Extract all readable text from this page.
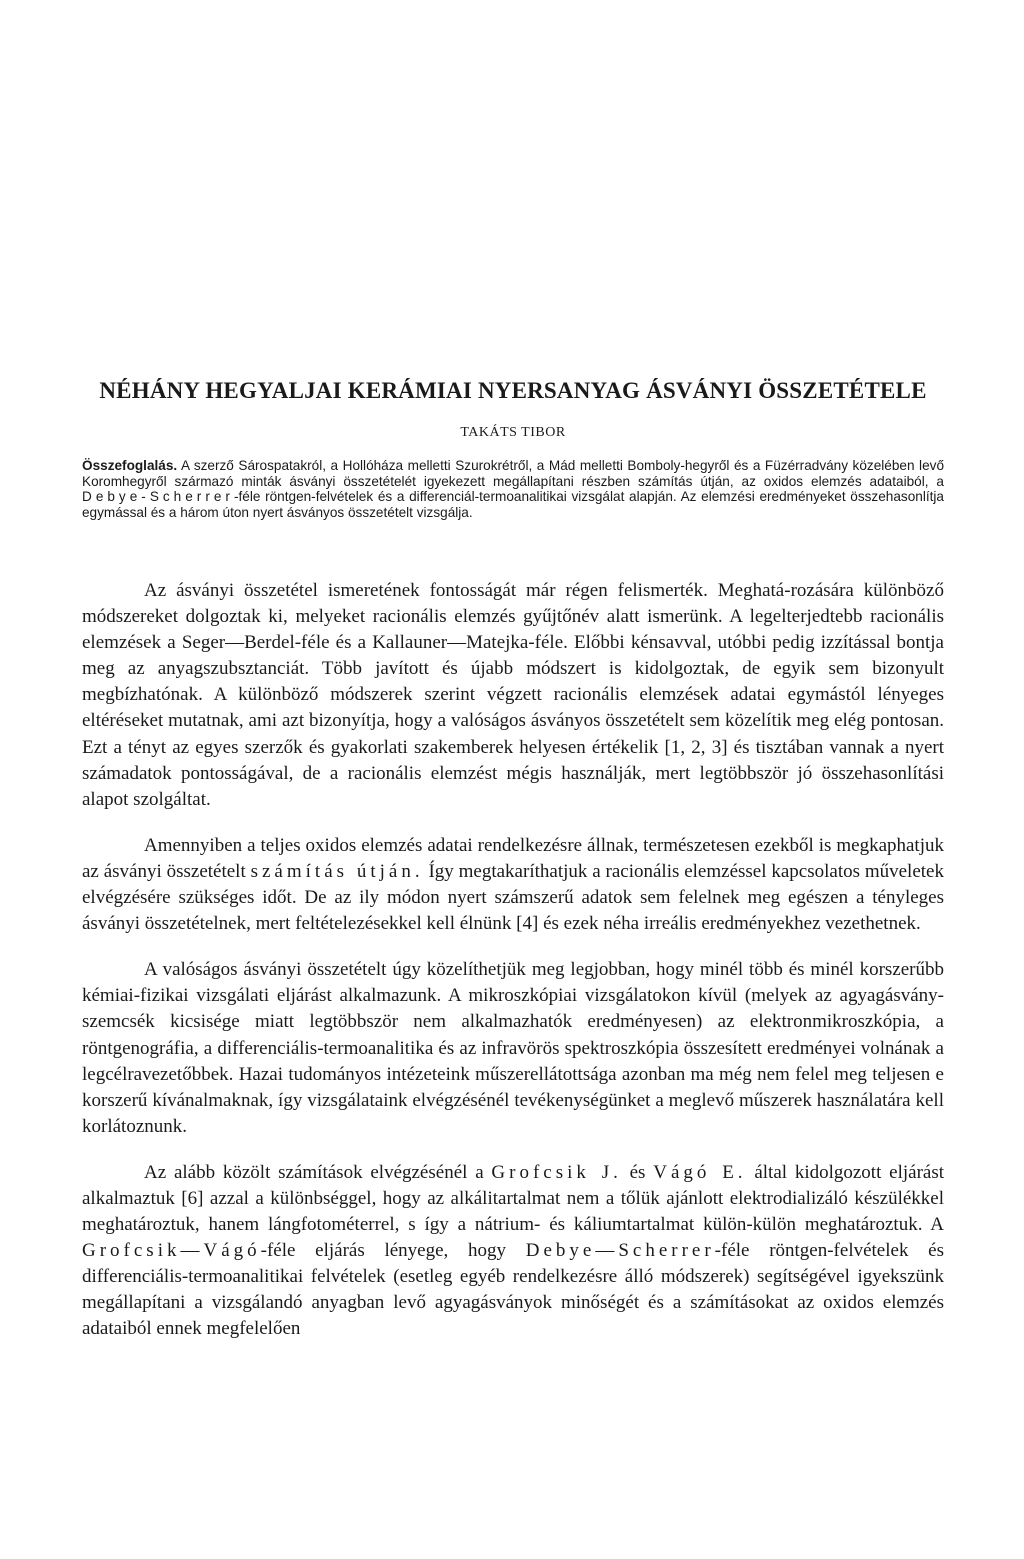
NÉHÁNY HEGYALJAI KERÁMIAI NYERSANYAG ÁSVÁNYI ÖSSZETÉTELE
TAKÁTS TIBOR

Összefoglalás. A szerző Sárospatakról, a Hollóháza melletti Szurokrétről, a Mád melletti Bomboly-hegyről és a Füzérradvány közelében levő Koromhegyről származó minták ásványi összetételét igyekezett megállapítani részben számítás útján, az oxidos elemzés adataiból, a Debye-Scherrer-féle röntgen-felvételek és a differenciál-termoanalitikai vizsgálat alapján. Az elemzési eredményeket összehasonlítja egymással és a három úton nyert ásványos összetételt vizsgálja.

Az ásványi összetétel ismeretének fontosságát már régen felismerték. Meghatá-rozására különböző módszereket dolgoztak ki, melyeket racionális elemzés gyűjtőnév alatt ismerünk. A legelterjedtebb racionális elemzések a Seger—Berdel-féle és a Kallauner—Matejka-féle. Előbbi kénsavval, utóbbi pedig izzítással bontja meg az anyagszubsztanciát. Több javított és újabb módszert is kidolgoztak, de egyik sem bizonyult megbízhatónak. A különböző módszerek szerint végzett racionális elemzések adatai egymástól lényeges eltéréseket mutatnak, ami azt bizonyítja, hogy a valóságos ásványos összetételt sem közelítik meg elég pontosan. Ezt a tényt az egyes szerzők és gyakorlati szakemberek helyesen értékelik [1, 2, 3] és tisztában vannak a nyert számadatok pontosságával, de a racionális elemzést mégis használják, mert legtöbbször jó összehasonlítási alapot szolgáltat.

Amennyiben a teljes oxidos elemzés adatai rendelkezésre állnak, természetesen ezekből is megkaphatjuk az ásványi összetételt számítás útján. Így megtakaríthatjuk a racionális elemzéssel kapcsolatos műveletek elvégzésére szükséges időt. De az ily módon nyert számszerű adatok sem felelnek meg egészen a tényleges ásványi összetételnek, mert feltételezésekkel kell élnünk [4] és ezek néha irreális eredményekhez vezethetnek.

A valóságos ásványi összetételt úgy közelíthetjük meg legjobban, hogy minél több és minél korszerűbb kémiai-fizikai vizsgálati eljárást alkalmazunk. A mikroszkópiai vizsgálatokon kívül (melyek az agyagásvány-szemcsék kicsisége miatt legtöbbször nem alkalmazhatók eredményesen) az elektronmikroszkópia, a röntgenográfia, a differenciális-termoanalitika és az infravörös spektroszkópia összesített eredményei volnának a legcélravezetőbbek. Hazai tudományos intézeteink műszerellátottsága azonban ma még nem felel meg teljesen e korszerű kívánalmaknak, így vizsgálataink elvégzésénél tevékenységünket a meglevő műszerek használatára kell korlátoznunk.

Az alább közölt számítások elvégzésénél a Grofcsik J. és Vágó E. által kidolgozott eljárást alkalmaztuk [6] azzal a különbséggel, hogy az alkálitartalmat nem a tőlük ajánlott elektrodializáló készülékkel meghatároztuk, hanem lángfotométerrel, s így a nátrium- és káliumtartalmat külön-külön meghatároztuk. A Grofcsik—Vágó-féle eljárás lényege, hogy Debye—Scherrer-féle röntgen-felvételek és differenciális-termoanalitikai felvételek (esetleg egyéb rendelkezésre álló módszerek) segítségével igyekszünk megállapítani a vizsgálandó anyagban levő agyagásványok minőségét és a számításokat az oxidos elemzés adataiból ennek megfelelően
